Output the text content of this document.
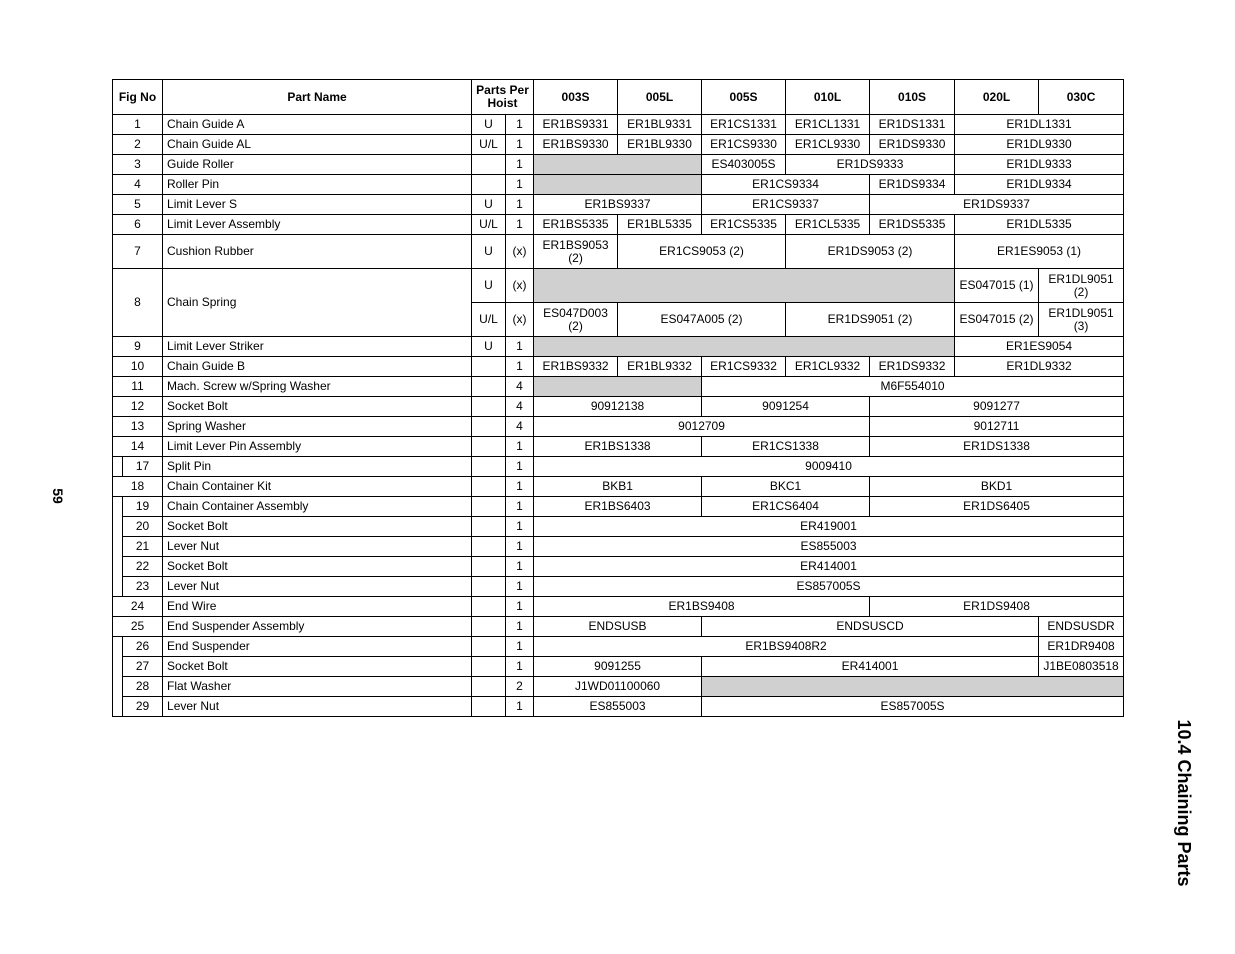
59
10.4 Chaining Parts
Fig No		Part Name	Parts Per Hoist		003S	005L	005S	010L	010S	020L	030C
1		Chain Guide A	U	1	ER1BS9331	ER1BL9331	ER1CS1331	ER1CL1331	ER1DS1331	ER1DL1331	
2		Chain Guide AL	U/L	1	ER1BS9330	ER1BL9330	ER1CS9330	ER1CL9330	ER1DS9330	ER1DL9330	
3		Guide Roller		1			ES403005S	ER1DS9333		ER1DL9333	
4		Roller Pin		1			ER1CS9334		ER1DS9334	ER1DL9334	
5		Limit Lever S	U	1	ER1BS9337		ER1CS9337		ER1DS9337		
6		Limit Lever Assembly	U/L	1	ER1BS5335	ER1BL5335	ER1CS5335	ER1CL5335	ER1DS5335	ER1DL5335	
7		Cushion Rubber	U	(x)	ER1BS9053 (2)	ER1CS9053 (2)		ER1DS9053 (2)		ER1ES9053 (1)	
8		Chain Spring	U	(x)						ES047015 (1)	ER1DL9051 (2)
			U/L	(x)	ES047D003 (2)	ES047A005 (2)		ER1DS9051 (2)		ES047015 (2)	ER1DL9051 (3)
9		Limit Lever Striker	U	1						ER1ES9054	
10		Chain Guide B		1	ER1BS9332	ER1BL9332	ER1CS9332	ER1CL9332	ER1DS9332	ER1DL9332	
11		Mach. Screw w/Spring Washer		4			M6F554010				
12		Socket Bolt		4	90912138		9091254		9091277		
13		Spring Washer		4	9012709				9012711		
14		Limit Lever Pin Assembly		1	ER1BS1338		ER1CS1338		ER1DS1338		
	17	Split Pin		1	9009410						
18		Chain Container Kit		1	BKB1		BKC1		BKD1		
	19	Chain Container Assembly		1	ER1BS6403		ER1CS6404		ER1DS6405		
	20	Socket Bolt		1	ER419001						
	21	Lever Nut		1	ES855003						
	22	Socket Bolt		1	ER414001						
	23	Lever Nut		1	ES857005S						
24		End Wire		1	ER1BS9408				ER1DS9408		
25		End Suspender Assembly		1	ENDSUSB		ENDSUSCD				ENDSUSDR
	26	End Suspender		1	ER1BS9408R2						ER1DR9408
	27	Socket Bolt		1	9091255		ER414001				J1BE0803518
	28	Flat Washer		2	J1WD01100060						
	29	Lever Nut		1	ES855003		ES857005S				
